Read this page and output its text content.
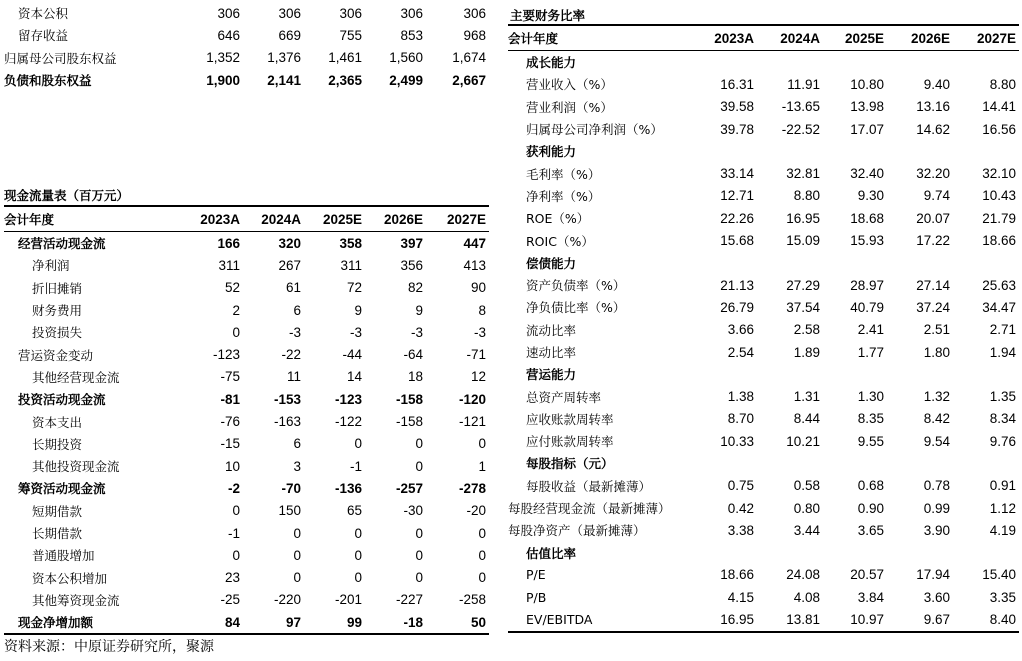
资本公积	306	306	306	306	306
留存收益	646	669	755	853	968
归属母公司股东权益	1,352	1,376	1,461	1,560	1,674
负债和股东权益	1,900	2,141	2,365	2,499	2,667
现金流量表（百万元）
会计年度	2023A	2024A	2025E	2026E	2027E
经营活动现金流	166	320	358	397	447
净利润	311	267	311	356	413
折旧摊销	52	61	72	82	90
财务费用	2	6	9	9	8
投资损失	0	-3	-3	-3	-3
营运资金变动	-123	-22	-44	-64	-71
其他经营现金流	-75	11	14	18	12
投资活动现金流	-81	-153	-123	-158	-120
资本支出	-76	-163	-122	-158	-121
长期投资	-15	6	0	0	0
其他投资现金流	10	3	-1	0	1
筹资活动现金流	-2	-70	-136	-257	-278
短期借款	0	150	65	-30	-20
长期借款	-1	0	0	0	0
普通股增加	0	0	0	0	0
资本公积增加	23	0	0	0	0
其他筹资现金流	-25	-220	-201	-227	-258
现金净增加额	84	97	99	-18	50
主要财务比率
会计年度	2023A	2024A	2025E	2026E	2027E
成长能力					
营业收入（%）	16.31	11.91	10.80	9.40	8.80
营业利润（%）	39.58	-13.65	13.98	13.16	14.41
归属母公司净利润（%）	39.78	-22.52	17.07	14.62	16.56
获利能力					
毛利率（%）	33.14	32.81	32.40	32.20	32.10
净利率（%）	12.71	8.80	9.30	9.74	10.43
ROE（%）	22.26	16.95	18.68	20.07	21.79
ROIC（%）	15.68	15.09	15.93	17.22	18.66
偿债能力					
资产负债率（%）	21.13	27.29	28.97	27.14	25.63
净负债比率（%）	26.79	37.54	40.79	37.24	34.47
流动比率	3.66	2.58	2.41	2.51	2.71
速动比率	2.54	1.89	1.77	1.80	1.94
营运能力					
总资产周转率	1.38	1.31	1.30	1.32	1.35
应收账款周转率	8.70	8.44	8.35	8.42	8.34
应付账款周转率	10.33	10.21	9.55	9.54	9.76
每股指标（元）					
每股收益（最新摊薄）	0.75	0.58	0.68	0.78	0.91
每股经营现金流（最新摊薄）	0.42	0.80	0.90	0.99	1.12
每股净资产（最新摊薄）	3.38	3.44	3.65	3.90	4.19
估值比率					
P/E	18.66	24.08	20.57	17.94	15.40
P/B	4.15	4.08	3.84	3.60	3.35
EV/EBITDA	16.95	13.81	10.97	9.67	8.40
资料来源：中原证券研究所，聚源
